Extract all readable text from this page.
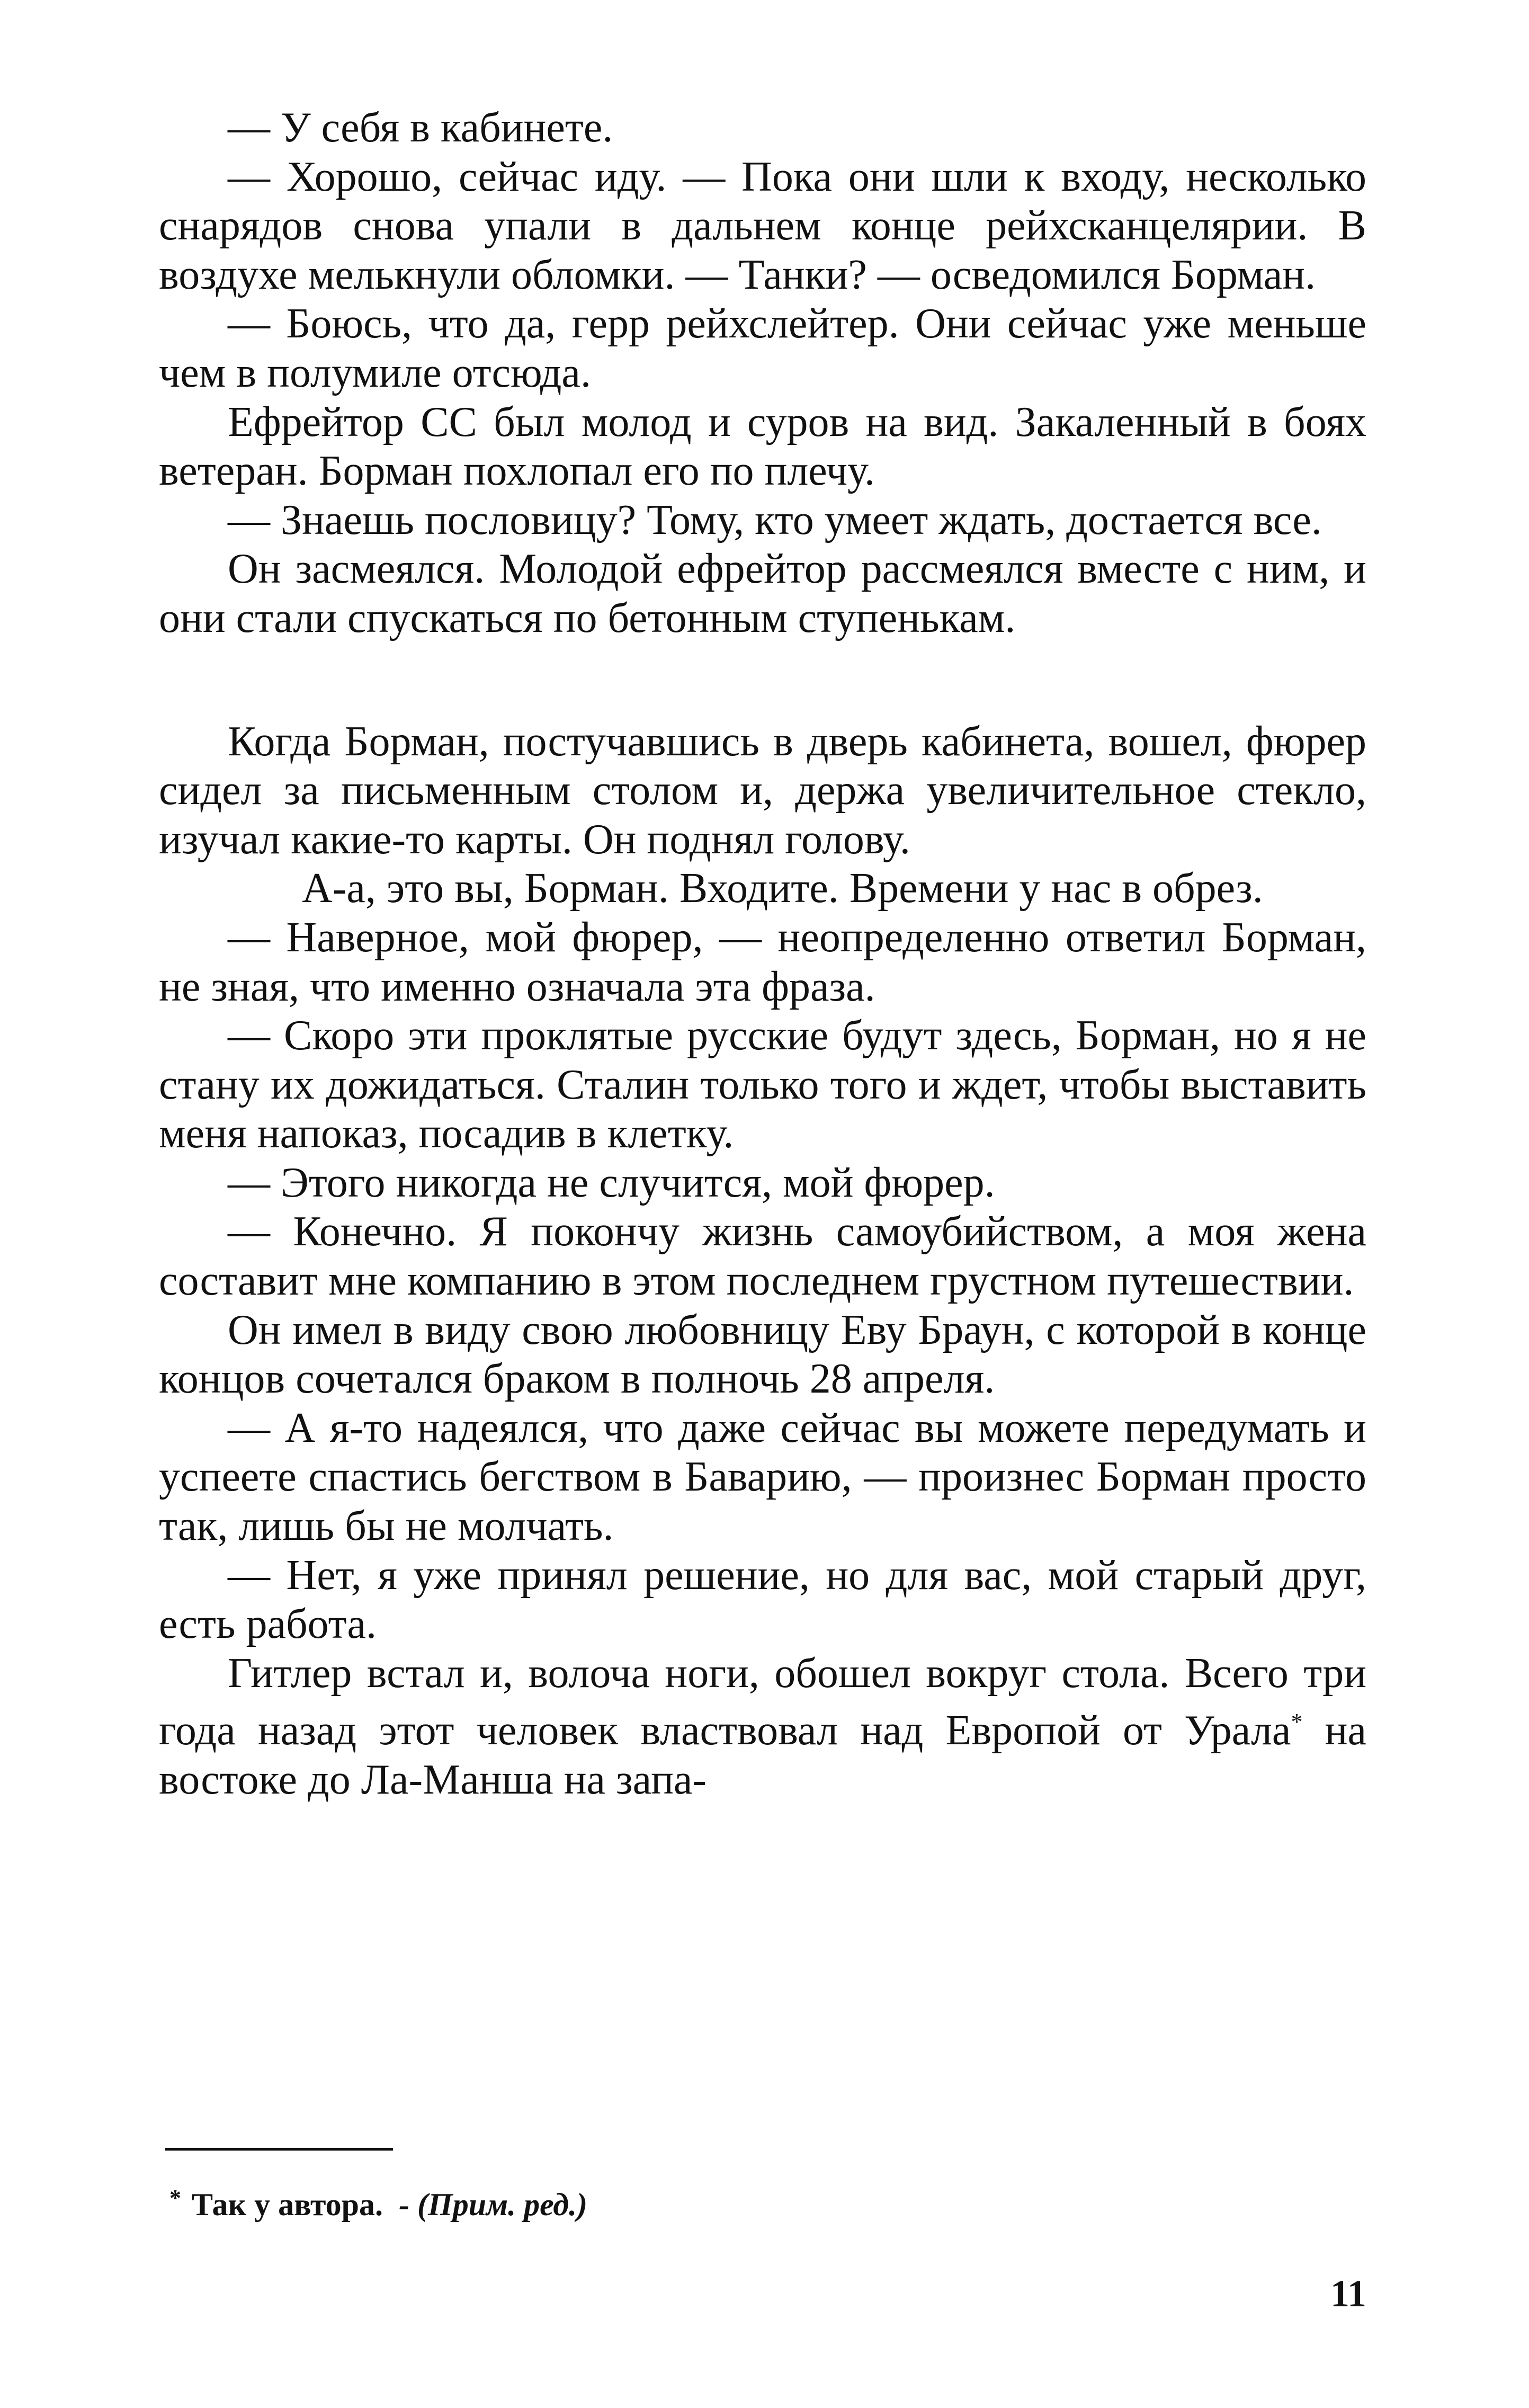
— У себя в кабинете.

— Хорошо, сейчас иду. — Пока они шли к входу, несколько снарядов снова упали в дальнем конце рейхсканцелярии. В воздухе мелькнули обломки. — Танки? — осведомился Борман.

— Боюсь, что да, герр рейхслейтер. Они сейчас уже меньше чем в полумиле отсюда.

Ефрейтор СС был молод и суров на вид. Закаленный в боях ветеран. Борман похлопал его по плечу.

— Знаешь пословицу? Тому, кто умеет ждать, достается все.

Он засмеялся. Молодой ефрейтор рассмеялся вместе с ним, и они стали спускаться по бетонным ступенькам.

Когда Борман, постучавшись в дверь кабинета, вошел, фюрер сидел за письменным столом и, держа увеличительное стекло, изучал какие-то карты. Он поднял голову.

А-а, это вы, Борман. Входите. Времени у нас в обрез.

— Наверное, мой фюрер, — неопределенно ответил Борман, не зная, что именно означала эта фраза.

— Скоро эти проклятые русские будут здесь, Борман, но я не стану их дожидаться. Сталин только того и ждет, чтобы выставить меня напоказ, посадив в клетку.

— Этого никогда не случится, мой фюрер.

— Конечно. Я покончу жизнь самоубийством, а моя жена составит мне компанию в этом последнем грустном путешествии.

Он имел в виду свою любовницу Еву Браун, с которой в конце концов сочетался браком в полночь 28 апреля.

— А я-то надеялся, что даже сейчас вы можете передумать и успеете спастись бегством в Баварию, — произнес Борман просто так, лишь бы не молчать.

— Нет, я уже принял решение, но для вас, мой старый друг, есть работа.

Гитлер встал и, волоча ноги, обошел вокруг стола. Всего три года назад этот человек властвовал над Европой от Урала* на востоке до Ла-Манша на запа-

* Так у автора. - (Прим. ред.)
11
